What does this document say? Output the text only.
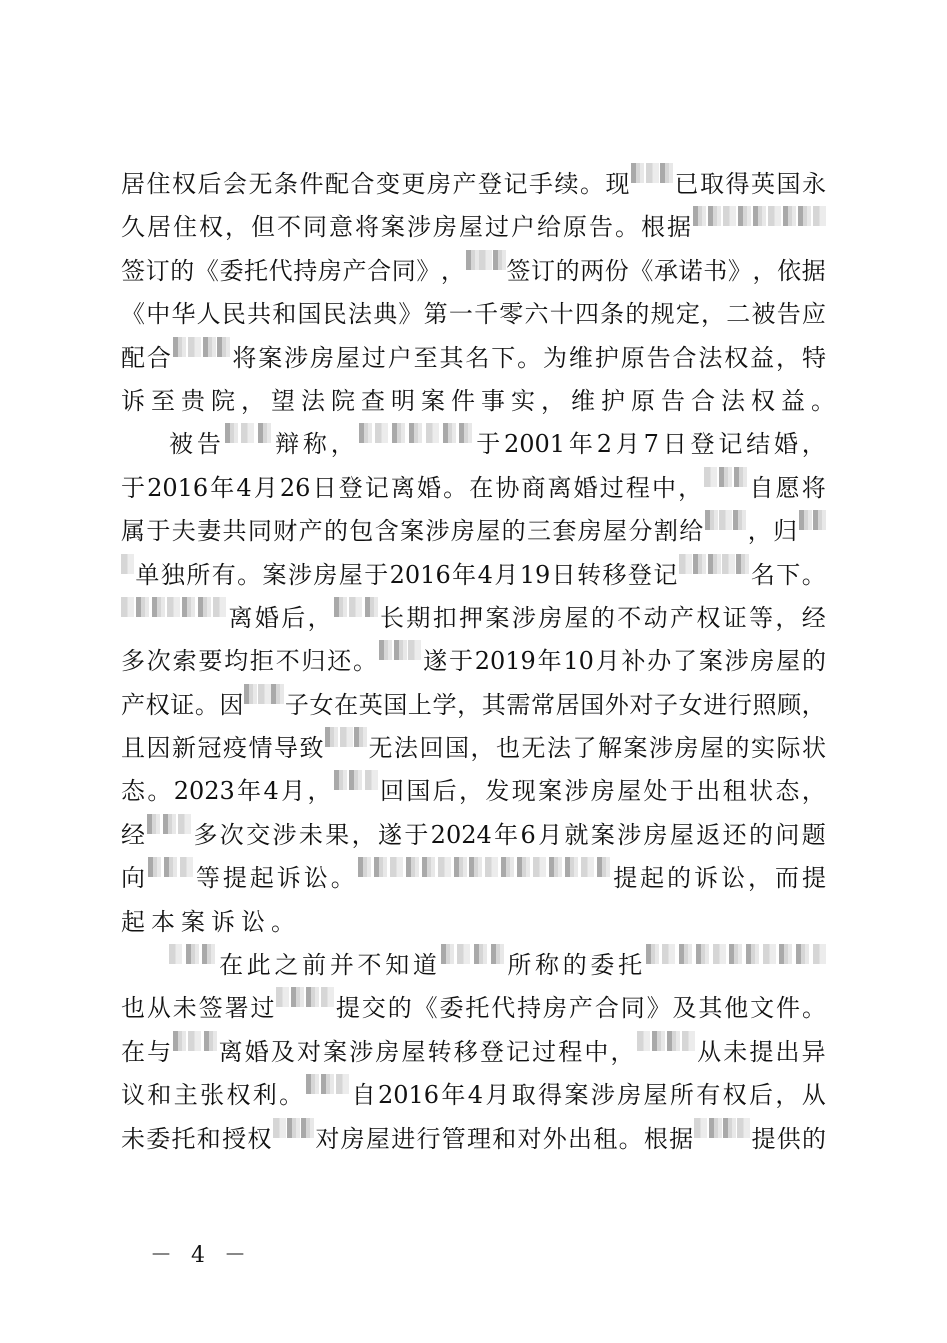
居 住 权 后 会 无 条 件 配 合 变 更 房 产 登 记 手 续 。 现 已 取 得 英 国 永
久 居 住 权 ， 但 不 同 意 将 案 涉 房 屋 过 户 给 原 告 。 根 据
签 订 的 《 委 托 代 持 房 产 合 同 》 ， 签 订 的 两 份 《 承 诺 书 》 ， 依 据
《 中 华 人 民 共 和 国 民 法 典 》 第 一 千 零 六 十 四 条 的 规 定 ， 二 被 告 应
配 合	将 案 涉 房 屋 过 户 至 其 名 下 。 为 维 护 原 告 合 法 权 益 ， 特
诉 至 贵 院 ， 望 法 院 查 明 案 件 事 实 ， 维 护 原 告 合 法 权 益 。
被 告 辩 称 ，	于 2001 年 2 月 7 日 登 记 结 婚 ，
于 2016 年 4 月 26 日 登 记 离 婚 。 在 协 商 离 婚 过 程 中 ， 自 愿 将
属 于 夫 妻 共 同 财 产 的 包 含 案 涉 房 屋 的 三 套 房 屋 分 割 给 ， 归
单 独 所 有 。 案 涉 房 屋 于 2016 年 4 月 19 日 转 移 登 记	名 下 。
离 婚 后 ， 长 期 扣 押 案 涉 房 屋 的 不 动 产 权 证 等 ， 经
多 次 索 要 均 拒 不 归 还 。 遂 于 2019 年 10 月 补 办 了 案 涉 房 屋 的
产 权 证 。 因 子 女 在 英 国 上 学 ， 其 需 常 居 国 外 对 子 女 进 行 照 顾 ，
且 因 新 冠 疫 情 导 致 无 法 回 国 ， 也 无 法 了 解 案 涉 房 屋 的 实 际 状
态 。 2023 年 4 月 ， 回 国 后 ， 发 现 案 涉 房 屋 处 于 出 租 状 态 ，
经 多 次 交 涉 未 果 ， 遂 于 2024 年 6 月 就 案 涉 房 屋 返 还 的 问 题
向 等 提 起 诉 讼 。	提 起 的 诉 讼 ， 而 提
起 本 案 诉 讼 。
在 此 之 前 并 不 知 道	所 称 的 委 托
也 从 未 签 署 过	提 交 的 《 委 托 代 持 房 产 合 同 》 及 其 他 文 件 。
在 与 离 婚 及 对 案 涉 房 屋 转 移 登 记 过 程 中 ，	从 未 提 出 异
议 和 主 张 权 利 。 自 2016 年 4 月 取 得 案 涉 房 屋 所 有 权 后 ， 从
未 委 托 和 授 权 对 房 屋 进 行 管 理 和 对 外 出 租 。 根 据 提 供 的
－ 4 －
